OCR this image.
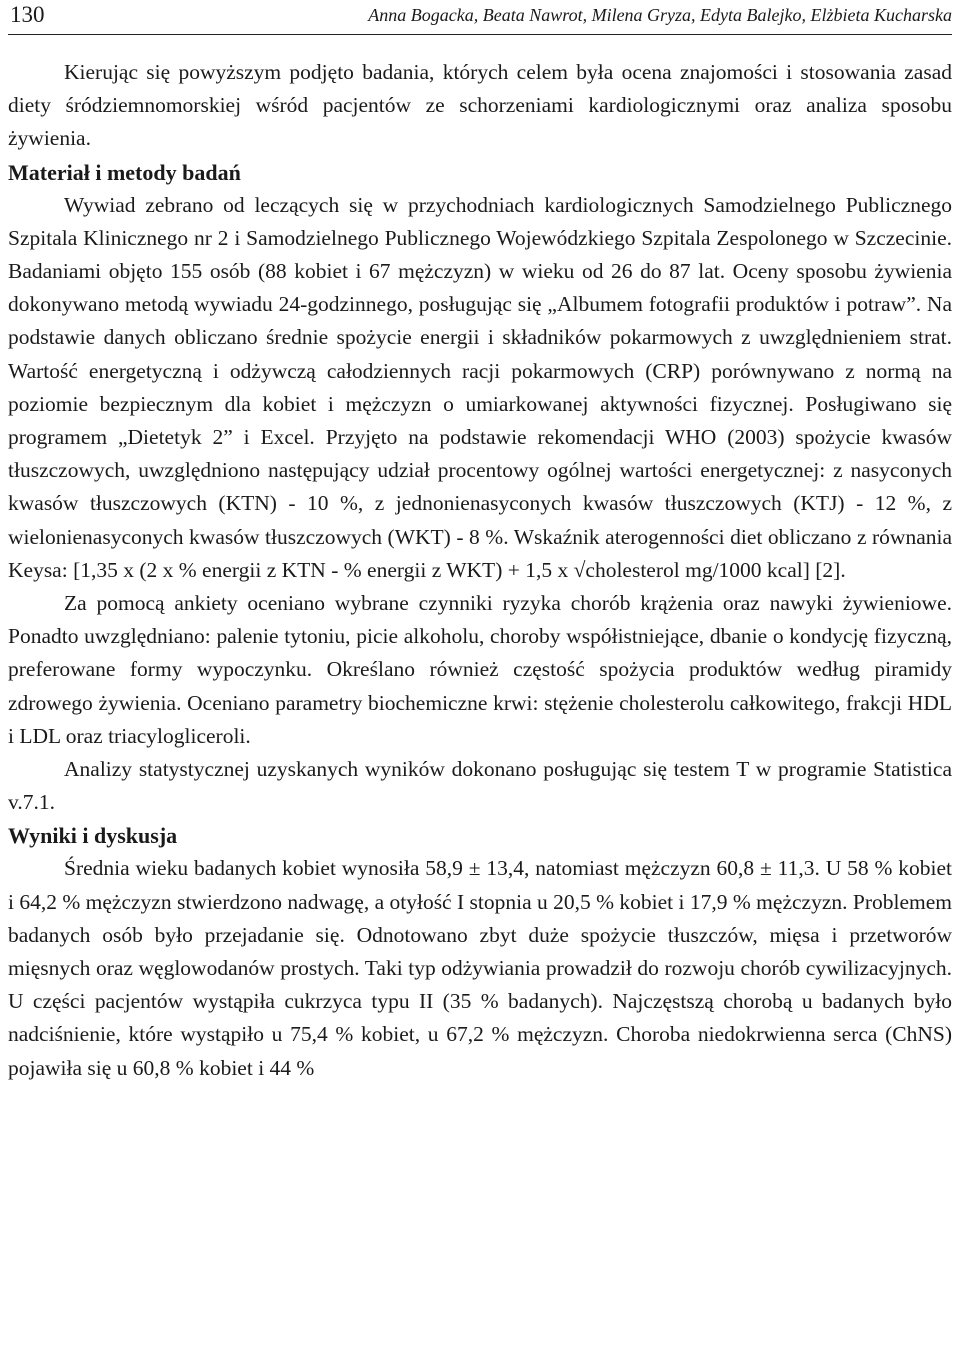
130	Anna Bogacka, Beata Nawrot, Milena Gryza, Edyta Balejko, Elżbieta Kucharska

Kierując się powyższym podjęto badania, których celem była ocena znajomości i stosowania zasad diety śródziemnomorskiej wśród pacjentów ze schorzeniami kardiologicznymi oraz analiza sposobu żywienia.

Materiał i metody badań

Wywiad zebrano od leczących się w przychodniach kardiologicznych Samodzielnego Publicznego Szpitala Klinicznego nr 2 i Samodzielnego Publicznego Wojewódzkiego Szpitala Zespolonego w Szczecinie. Badaniami objęto 155 osób (88 kobiet i 67 mężczyzn) w wieku od 26 do 87 lat. Oceny sposobu żywienia dokonywano metodą wywiadu 24-godzinnego, posługując się „Albumem fotografii produktów i potraw”. Na podstawie danych obliczano średnie spożycie energii i składników pokarmowych z uwzględnieniem strat. Wartość energetyczną i odżywczą całodziennych racji pokarmowych (CRP) porównywano z normą na poziomie bezpiecznym dla kobiet i mężczyzn o umiarkowanej aktywności fizycznej. Posługiwano się programem „Dietetyk 2” i Excel. Przyjęto na podstawie rekomendacji WHO (2003) spożycie kwasów tłuszczowych, uwzględniono następujący udział procentowy ogólnej wartości energetycznej: z nasyconych kwasów tłuszczowych (KTN) - 10 %, z jednonienasyconych kwasów tłuszczowych (KTJ) - 12 %, z wielonienasyconych kwasów tłuszczowych (WKT) - 8 %. Wskaźnik aterogenności diet obliczano z równania Keysa: [1,35 x (2 x % energii z KTN - % energii z WKT) + 1,5 x √cholesterol mg/1000 kcal] [2].

Za pomocą ankiety oceniano wybrane czynniki ryzyka chorób krążenia oraz nawyki żywieniowe. Ponadto uwzględniano: palenie tytoniu, picie alkoholu, choroby współistniejące, dbanie o kondycję fizyczną, preferowane formy wypoczynku. Określano również częstość spożycia produktów według piramidy zdrowego żywienia. Oceniano parametry biochemiczne krwi: stężenie cholesterolu całkowitego, frakcji HDL i LDL oraz triacylogliceroli.

Analizy statystycznej uzyskanych wyników dokonano posługując się testem T w programie Statistica v.7.1.

Wyniki i dyskusja

Średnia wieku badanych kobiet wynosiła 58,9 ± 13,4, natomiast mężczyzn 60,8 ± 11,3. U 58 % kobiet i 64,2 % mężczyzn stwierdzono nadwagę, a otyłość I stopnia u 20,5 % kobiet i 17,9 % mężczyzn. Problemem badanych osób było przejadanie się. Odnotowano zbyt duże spożycie tłuszczów, mięsa i przetworów mięsnych oraz węglowodanów prostych. Taki typ odżywiania prowadził do rozwoju chorób cywilizacyjnych. U części pacjentów wystąpiła cukrzyca typu II (35 % badanych). Najczęstszą chorobą u badanych było nadciśnienie, które wystąpiło u 75,4 % kobiet, u 67,2 % mężczyzn. Choroba niedokrwienna serca (ChNS) pojawiła się u 60,8 % kobiet i 44 %
